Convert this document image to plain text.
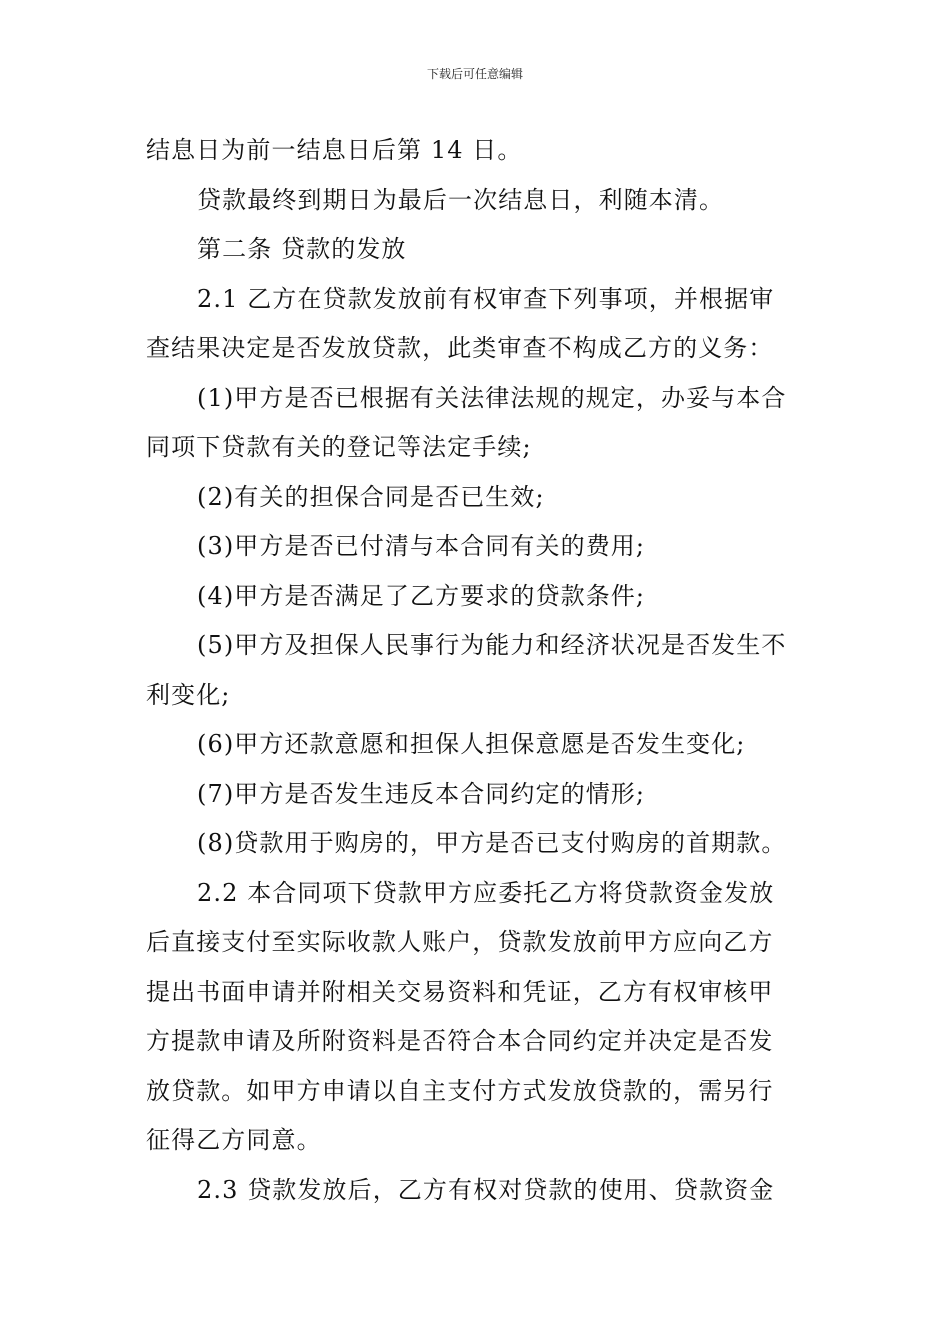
下载后可任意编辑
结息日为前一结息日后第 14 日。
贷款最终到期日为最后一次结息日，利随本清。
第二条 贷款的发放
2.1 乙方在贷款发放前有权审查下列事项，并根据审
查结果决定是否发放贷款，此类审查不构成乙方的义务：
(1)甲方是否已根据有关法律法规的规定，办妥与本合
同项下贷款有关的登记等法定手续;
(2)有关的担保合同是否已生效;
(3)甲方是否已付清与本合同有关的费用;
(4)甲方是否满足了乙方要求的贷款条件;
(5)甲方及担保人民事行为能力和经济状况是否发生不
利变化;
(6)甲方还款意愿和担保人担保意愿是否发生变化;
(7)甲方是否发生违反本合同约定的情形;
(8)贷款用于购房的，甲方是否已支付购房的首期款。
2.2 本合同项下贷款甲方应委托乙方将贷款资金发放
后直接支付至实际收款人账户，贷款发放前甲方应向乙方
提出书面申请并附相关交易资料和凭证，乙方有权审核甲
方提款申请及所附资料是否符合本合同约定并决定是否发
放贷款。如甲方申请以自主支付方式发放贷款的，需另行
征得乙方同意。
2.3 贷款发放后，乙方有权对贷款的使用、贷款资金
